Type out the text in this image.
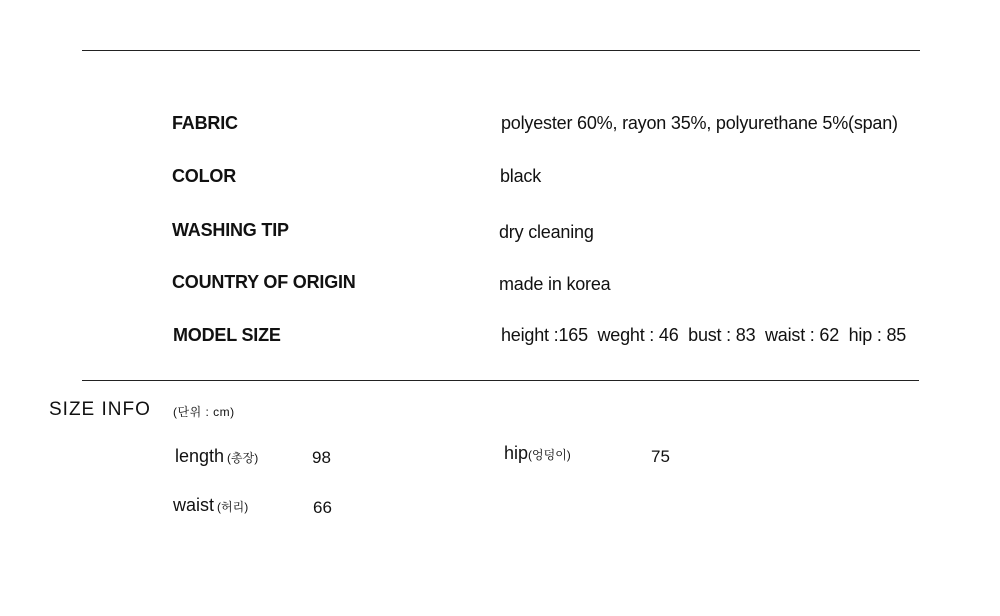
FABRIC	polyester 60%, rayon 35%, polyurethane 5%(span)
COLOR	black
WASHING TIP	dry cleaning
COUNTRY OF ORIGIN	made in korea
MODEL SIZE	height :165  weght : 46  bust : 83  waist : 62  hip : 85
SIZE INFO (단위 : cm)
length (총장)	98	hip(엉덩이)	75
waist (허리)	66
